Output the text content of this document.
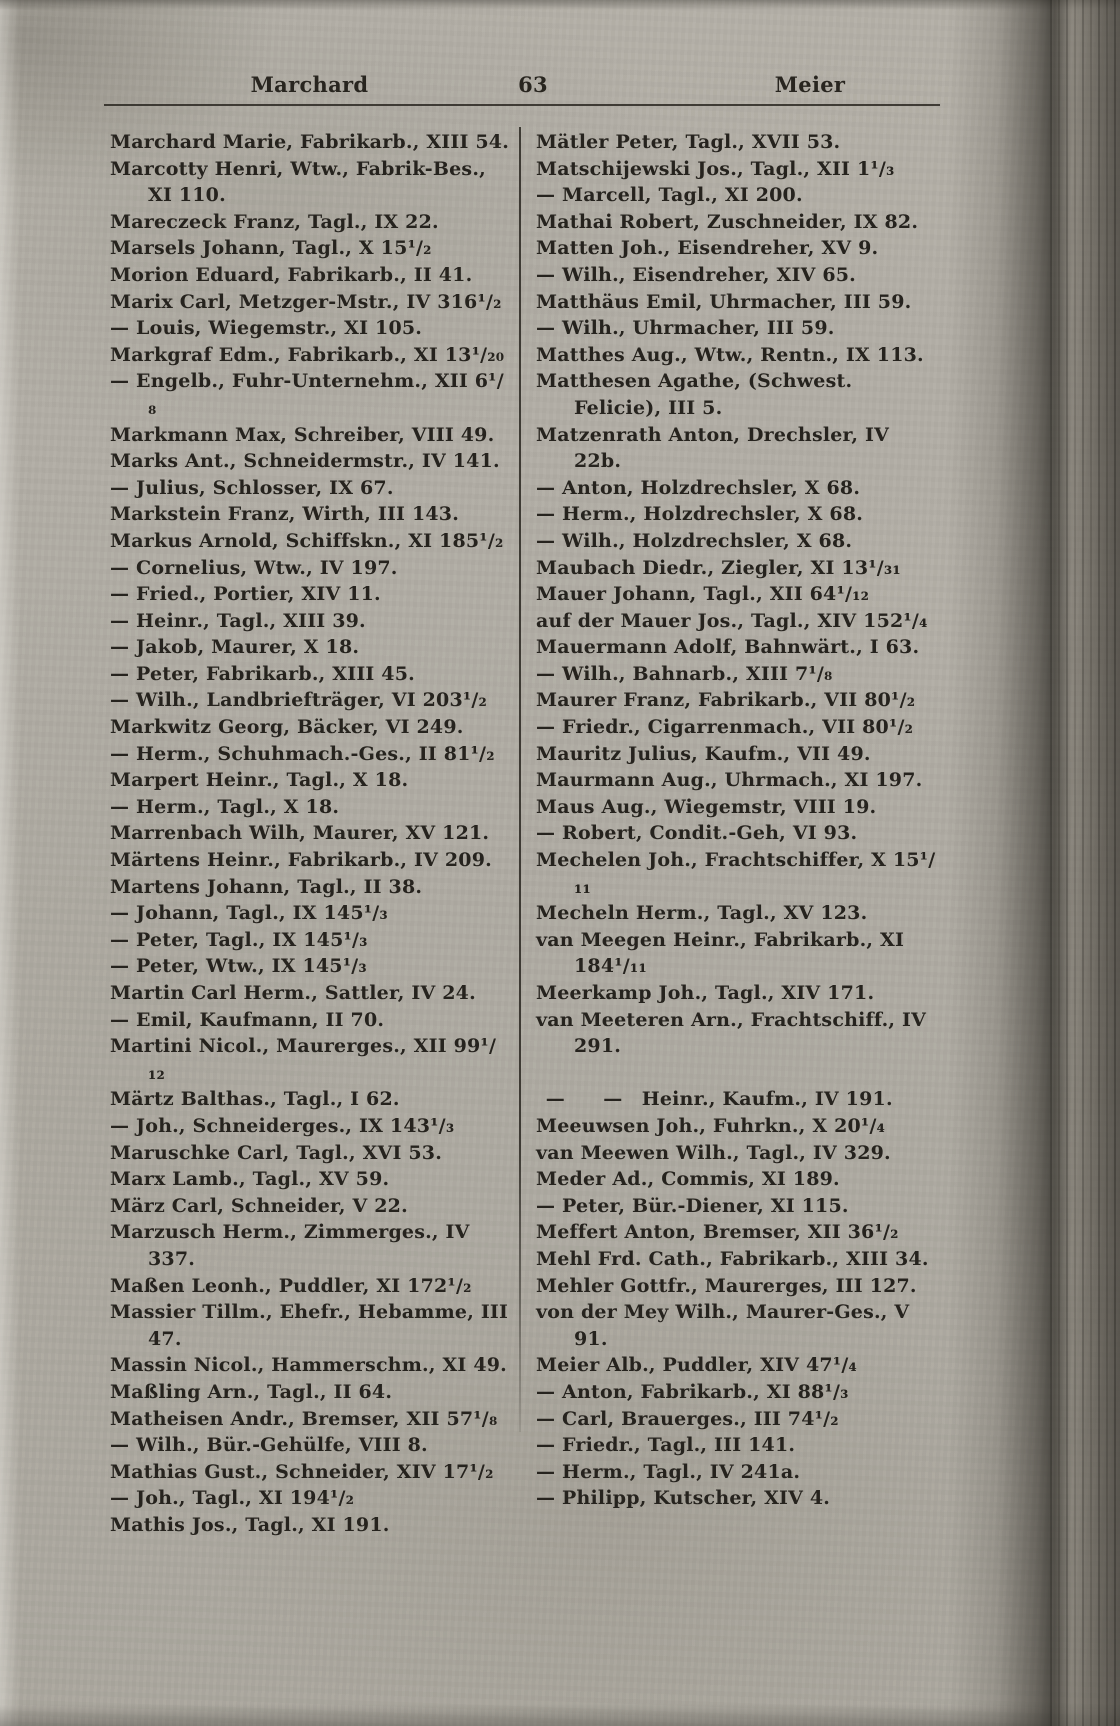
Marchard	63	Meier
Marchard Marie, Fabrikarb., XIII 54.
Marcotty Henri, Wtw., Fabrik-Bes., XI 110.
Mareczeck Franz, Tagl., IX 22.
Marsels Johann, Tagl., X 15¹/₂
Morion Eduard, Fabrikarb., II 41.
Marix Carl, Metzger-Mstr., IV 316¹/₂
— Louis, Wiegemstr., XI 105.
Markgraf Edm., Fabrikarb., XI 13¹/₂₀
— Engelb., Fuhr-Unternehm., XII 6¹/₈
Markmann Max, Schreiber, VIII 49.
Marks Ant., Schneidermstr., IV 141.
— Julius, Schlosser, IX 67.
Markstein Franz, Wirth, III 143.
Markus Arnold, Schiffskn., XI 185¹/₂
— Cornelius, Wtw., IV 197.
— Fried., Portier, XIV 11.
— Heinr., Tagl., XIII 39.
— Jakob, Maurer, X 18.
— Peter, Fabrikarb., XIII 45.
— Wilh., Landbriefträger, VI 203¹/₂
Markwitz Georg, Bäcker, VI 249.
— Herm., Schuhmach.-Ges., II 81¹/₂
Marpert Heinr., Tagl., X 18.
— Herm., Tagl., X 18.
Marrenbach Wilh, Maurer, XV 121.
Märtens Heinr., Fabrikarb., IV 209.
Martens Johann, Tagl., II 38.
— Johann, Tagl., IX 145¹/₃
— Peter, Tagl., IX 145¹/₃
— Peter, Wtw., IX 145¹/₃
Martin Carl Herm., Sattler, IV 24.
— Emil, Kaufmann, II 70.
Martini Nicol., Maurerges., XII 99¹/₁₂
Märtz Balthas., Tagl., I 62.
— Joh., Schneiderges., IX 143¹/₃
Maruschke Carl, Tagl., XVI 53.
Marx Lamb., Tagl., XV 59.
März Carl, Schneider, V 22.
Marzusch Herm., Zimmerges., IV 337.
Maßen Leonh., Puddler, XI 172¹/₂
Massier Tillm., Ehefr., Hebamme, III 47.
Massin Nicol., Hammerschm., XI 49.
Maßling Arn., Tagl., II 64.
Matheisen Andr., Bremser, XII 57¹/₈
— Wilh., Bür.-Gehülfe, VIII 8.
Mathias Gust., Schneider, XIV 17¹/₂
— Joh., Tagl., XI 194¹/₂
Mathis Jos., Tagl., XI 191.
Mätler Peter, Tagl., XVII 53.
Matschijewski Jos., Tagl., XII 1¹/₃
— Marcell, Tagl., XI 200.
Mathai Robert, Zuschneider, IX 82.
Matten Joh., Eisendreher, XV 9.
— Wilh., Eisendreher, XIV 65.
Matthäus Emil, Uhrmacher, III 59.
— Wilh., Uhrmacher, III 59.
Matthes Aug., Wtw., Rentn., IX 113.
Matthesen Agathe, (Schwest. Felicie), III 5.
Matzenrath Anton, Drechsler, IV 22b.
— Anton, Holzdrechsler, X 68.
— Herm., Holzdrechsler, X 68.
— Wilh., Holzdrechsler, X 68.
Maubach Diedr., Ziegler, XI 13¹/₃₁
Mauer Johann, Tagl., XII 64¹/₁₂
auf der Mauer Jos., Tagl., XIV 152¹/₄
Mauermann Adolf, Bahnwärt., I 63.
— Wilh., Bahnarb., XIII 7¹/₈
Maurer Franz, Fabrikarb., VII 80¹/₂
— Friedr., Cigarrenmach., VII 80¹/₂
Mauritz Julius, Kaufm., VII 49.
Maurmann Aug., Uhrmach., XI 197.
Maus Aug., Wiegemstr, VIII 19.
— Robert, Condit.-Geh, VI 93.
Mechelen Joh., Frachtschiffer, X 15¹/₁₁
Mecheln Herm., Tagl., XV 123.
van Meegen Heinr., Fabrikarb., XI 184¹/₁₁
Meerkamp Joh., Tagl., XIV 171.
van Meeteren Arn., Frachtschiff., IV 291.
 —  — Heinr., Kaufm., IV 191.
Meeuwsen Joh., Fuhrkn., X 20¹/₄
van Meewen Wilh., Tagl., IV 329.
Meder Ad., Commis, XI 189.
— Peter, Bür.-Diener, XI 115.
Meffert Anton, Bremser, XII 36¹/₂
Mehl Frd. Cath., Fabrikarb., XIII 34.
Mehler Gottfr., Maurerges, III 127.
von der Mey Wilh., Maurer-Ges., V 91.
Meier Alb., Puddler, XIV 47¹/₄
— Anton, Fabrikarb., XI 88¹/₃
— Carl, Brauerges., III 74¹/₂
— Friedr., Tagl., III 141.
— Herm., Tagl., IV 241a.
— Philipp, Kutscher, XIV 4.
